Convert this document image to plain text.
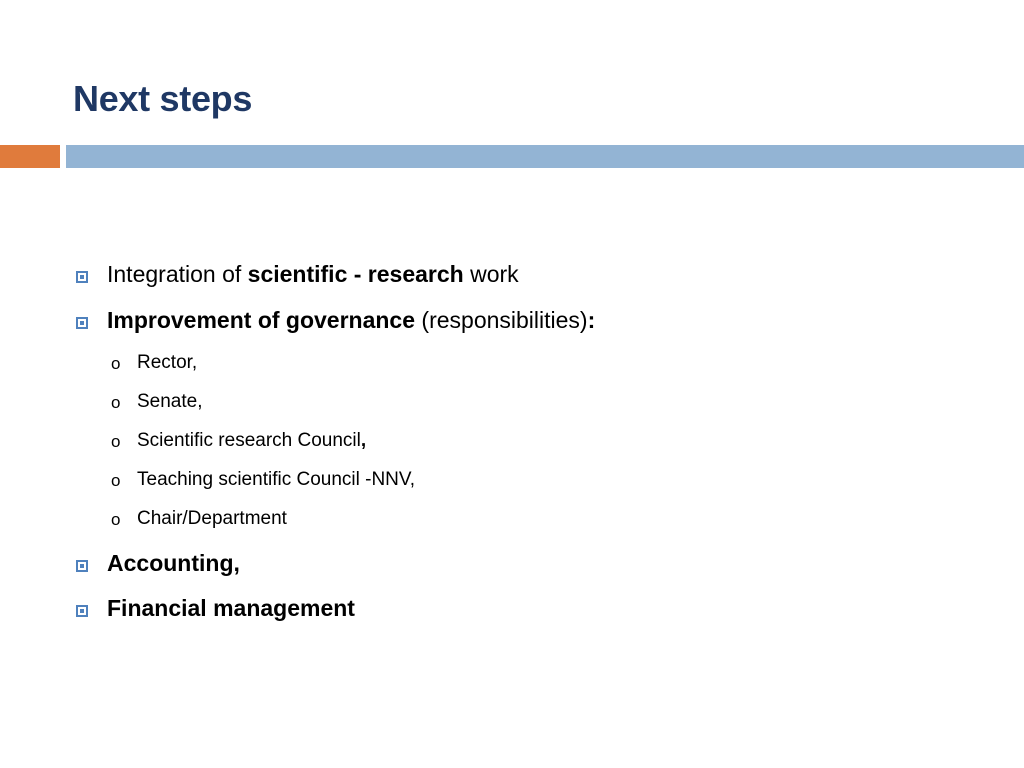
Next steps
Integration of scientific - research work
Improvement of governance (responsibilities):
o Rector,
o Senate,
o Scientific research Council,
o Teaching scientific Council -NNV,
o Chair/Department
Accounting,
Financial management
